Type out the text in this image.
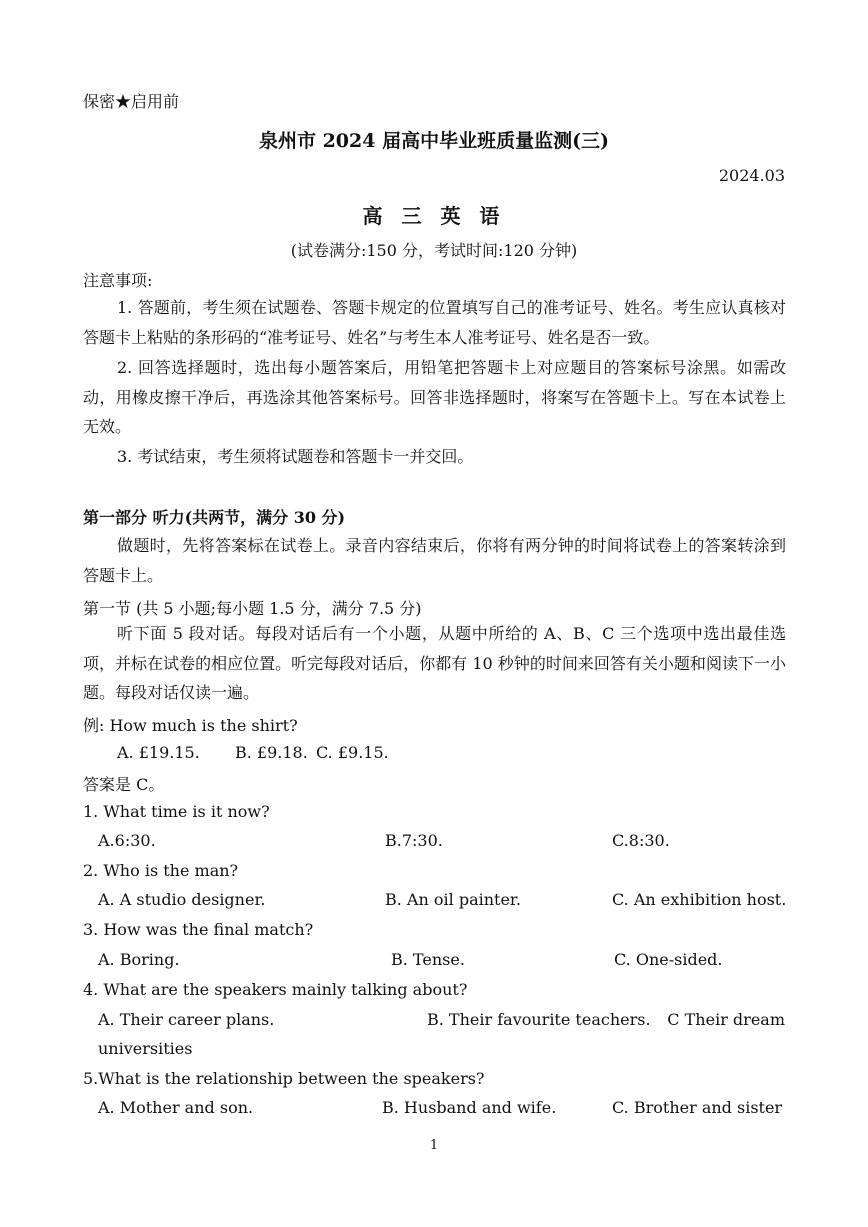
保密★启用前
泉州市 2024 届高中毕业班质量监测(三)
2024.03
高 三 英 语
(试卷满分:150 分，考试时间:120 分钟)
注意事项:
1. 答题前，考生须在试题卷、答题卡规定的位置填写自己的准考证号、姓名。考生应认真核对答题卡上粘贴的条形码的“准考证号、姓名”与考生本人准考证号、姓名是否一致。
2. 回答选择题时，选出每小题答案后，用铅笔把答题卡上对应题目的答案标号涂黑。如需改动，用橡皮擦干净后，再选涂其他答案标号。回答非选择题时，将案写在答题卡上。写在本试卷上无效。
3. 考试结束，考生须将试题卷和答题卡一并交回。
第一部分 听力(共两节，满分 30 分)
做题时，先将答案标在试卷上。录音内容结束后，你将有两分钟的时间将试卷上的答案转涂到答题卡上。
第一节 (共 5 小题;每小题 1.5 分，满分 7.5 分)
听下面 5 段对话。每段对话后有一个小题，从题中所给的 A、B、C 三个选项中选出最佳选项，并标在试卷的相应位置。听完每段对话后，你都有 10 秒钟的时间来回答有关小题和阅读下一小题。每段对话仅读一遍。
例: How much is the shirt?
A. £19.15. B. £9.18. C. £9.15.
答案是 C。
1. What time is it now?
A.6:30.	B.7:30.	C.8:30.
2. Who is the man?
A. A studio designer.	B. An oil painter.	C. An exhibition host.
3. How was the final match?
A. Boring.	B. Tense.	C. One-sided.
4. What are the speakers mainly talking about?
A. Their career plans.	B. Their favourite teachers. C Their dream
universities
5.What is the relationship between the speakers?
A. Mother and son.	B. Husband and wife.	C. Brother and sister
1
